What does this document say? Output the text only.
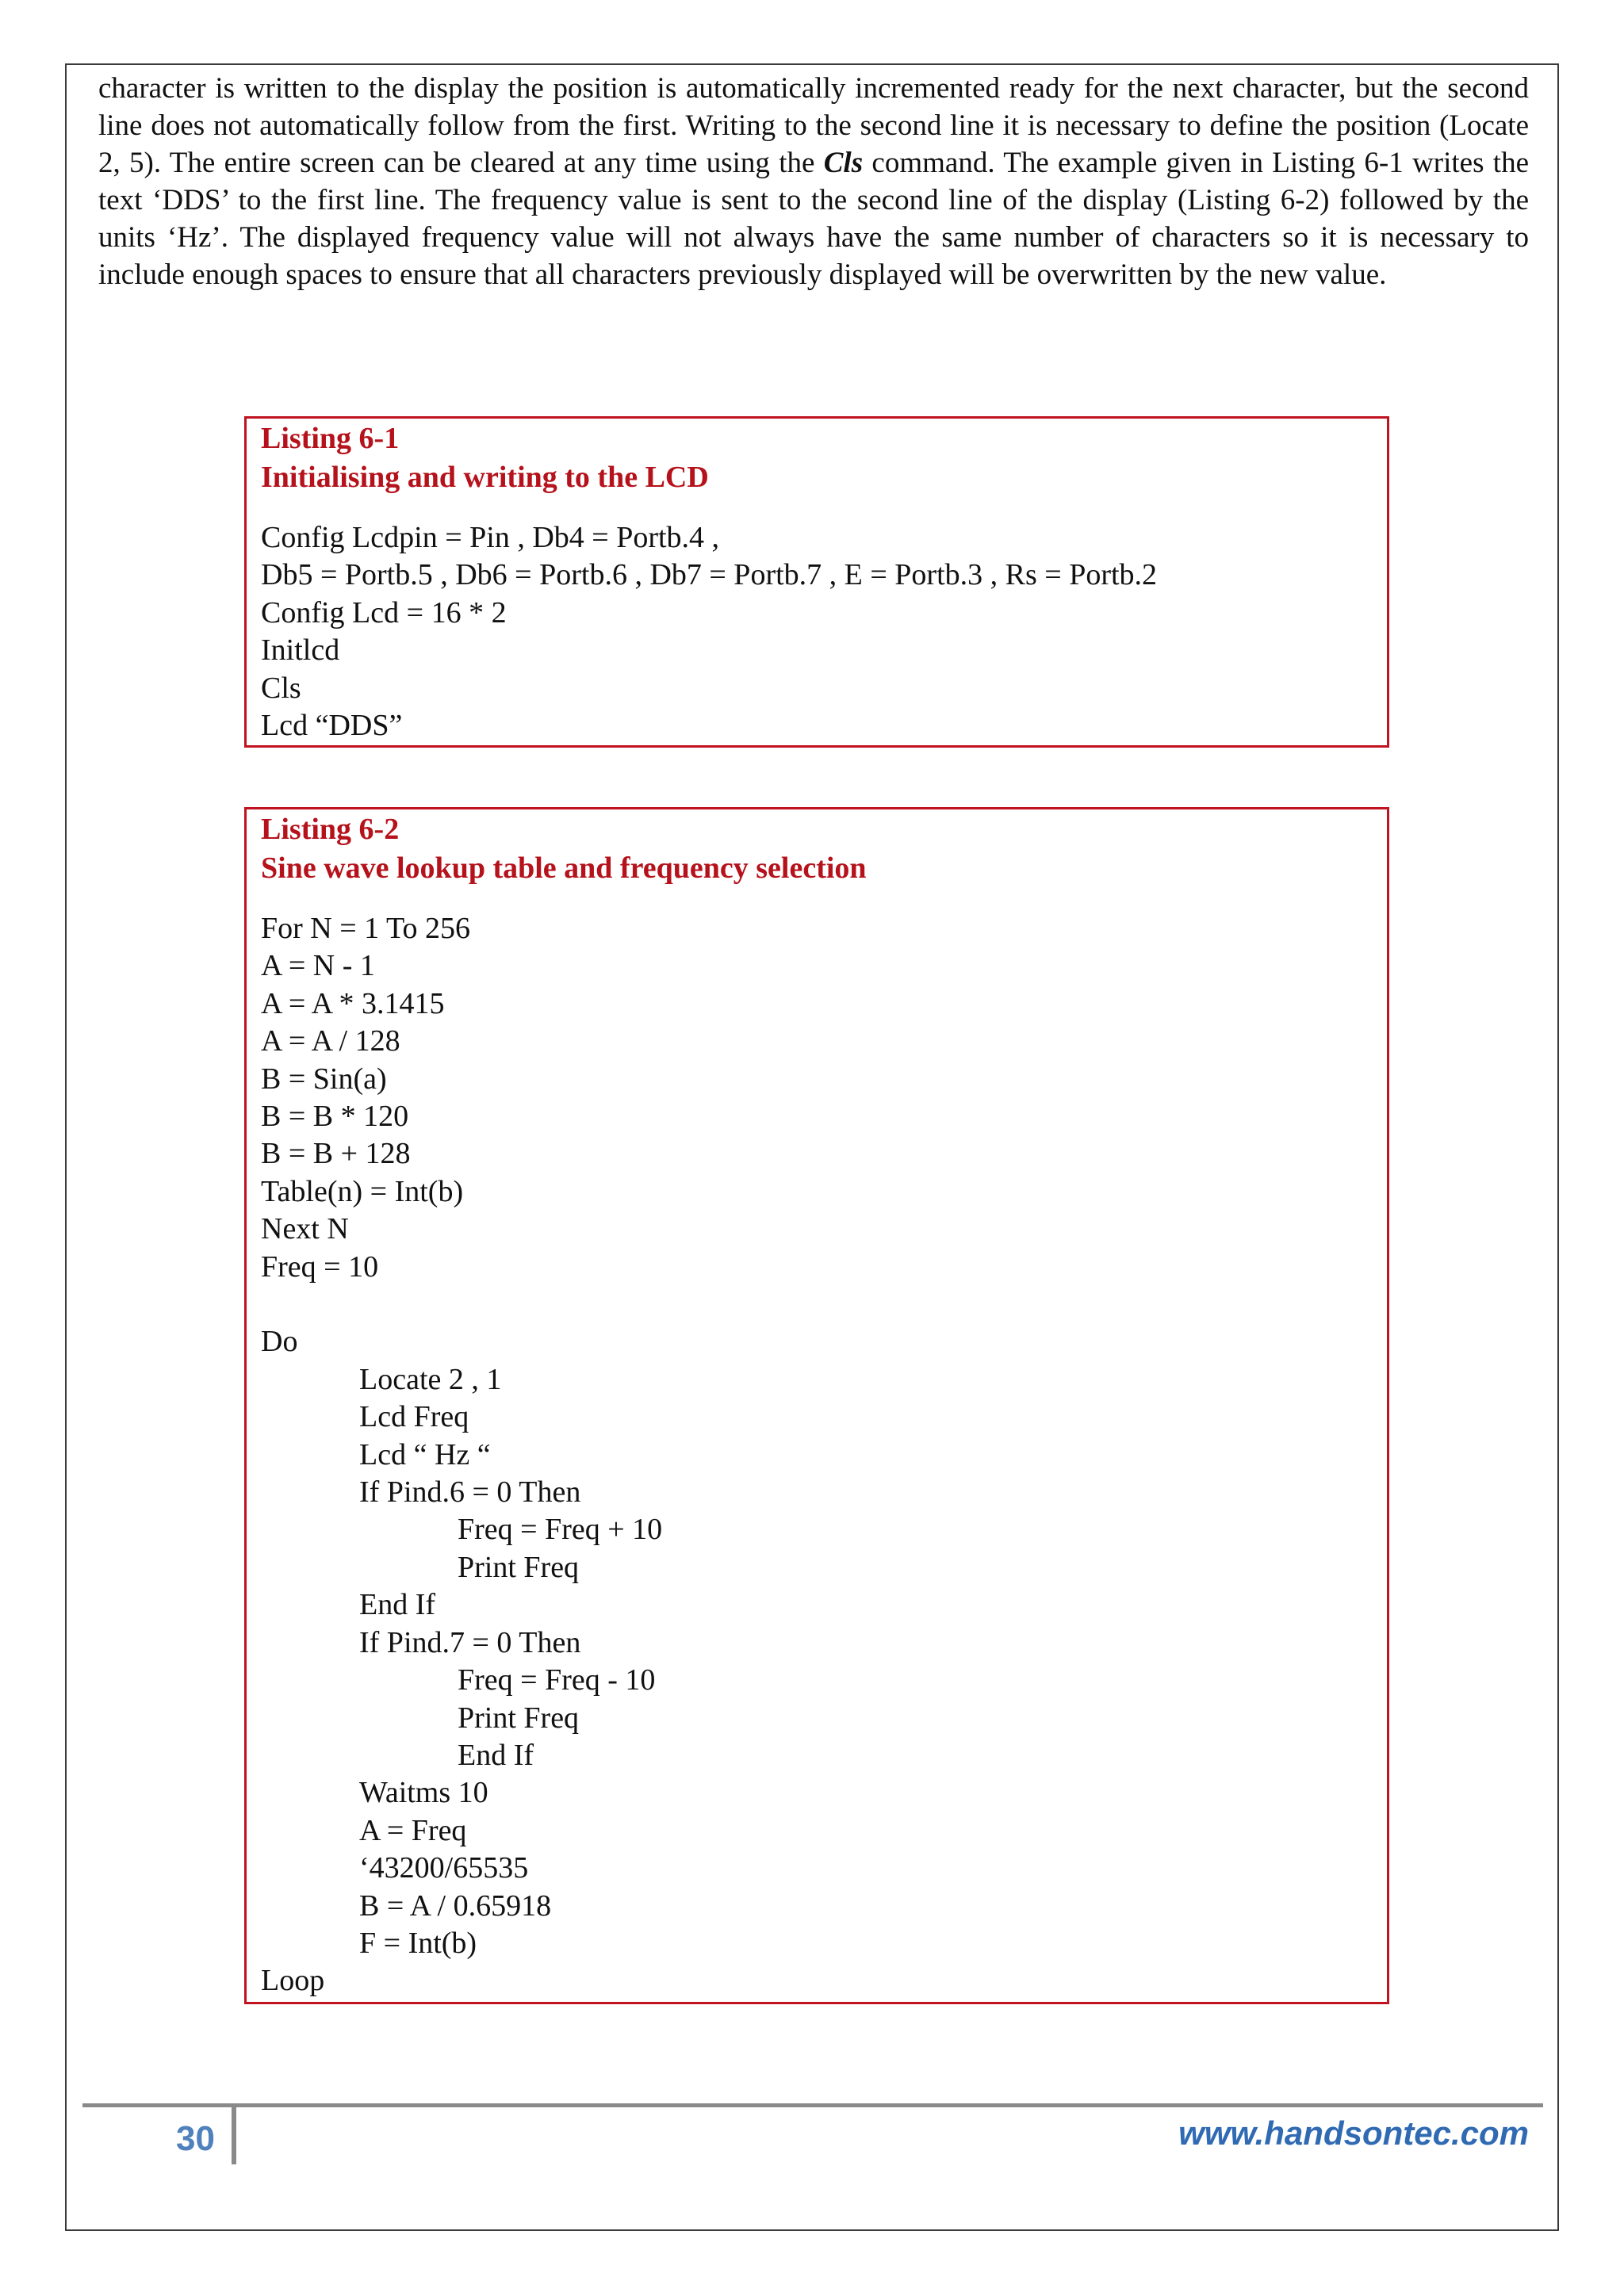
character is written to the display the position is automatically incremented ready for the next character, but the second line does not automatically follow from the first. Writing to the second line it is necessary to define the position (Locate 2, 5). The entire screen can be cleared at any time using the Cls command. The example given in Listing 6-1 writes the text ‘DDS’ to the first line. The frequency value is sent to the second line of the display (Listing 6-2) followed by the units ‘Hz’. The displayed frequency value will not always have the same number of characters so it is necessary to include enough spaces to ensure that all characters previously displayed will be overwritten by the new value.

Listing 6-1

Initialising and writing to the LCD

Config Lcdpin = Pin , Db4 = Portb.4 ,

Db5 = Portb.5 , Db6 = Portb.6 , Db7 = Portb.7 , E = Portb.3 , Rs = Portb.2

Config Lcd = 16 * 2

Initlcd

Cls

Lcd “DDS”

Listing 6-2

Sine wave lookup table and frequency selection

For N = 1 To 256

A = N - 1

A = A * 3.1415

A = A / 128

B = Sin(a)

B = B * 120

B = B + 128

Table(n) = Int(b)

Next N

Freq = 10

Do

Locate 2 , 1

Lcd Freq

Lcd “ Hz “

If Pind.6 = 0 Then

Freq = Freq + 10

Print Freq

End If

If Pind.7 = 0 Then

Freq = Freq - 10

Print Freq

End If

Waitms 10

A = Freq

‘43200/65535

B = A / 0.65918

F = Int(b)

Loop

30	www.handsontec.com
